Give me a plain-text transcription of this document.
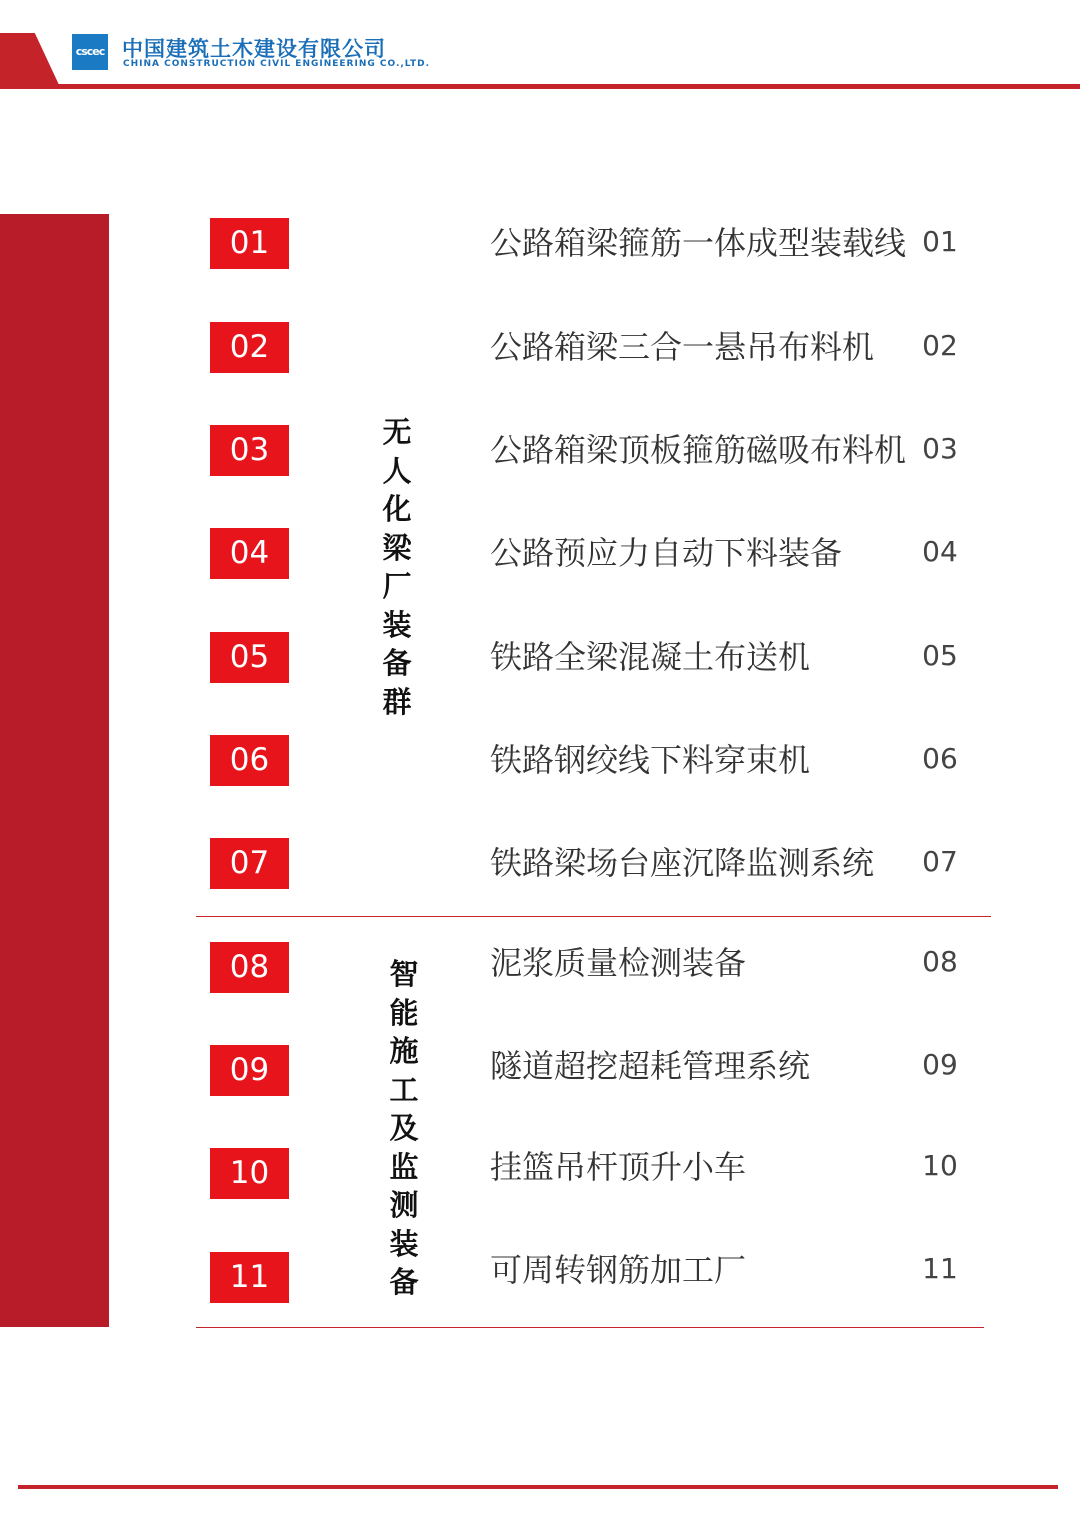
cscec 中国建筑土木建设有限公司
CHINA CONSTRUCTION CIVIL ENGINEERING CO.,LTD.
无人化梁厂装备群
01	公路箱梁箍筋一体成型装载线 01
02	公路箱梁三合一悬吊布料机	02
03	公路箱梁顶板箍筋磁吸布料机 03
04	公路预应力自动下料装备	04
05	铁路全梁混凝土布送机	05
06	铁路钢绞线下料穿束机	06
07	铁路梁场台座沉降监测系统	07
智能施工及监测装备
08	泥浆质量检测装备	08
09	隧道超挖超耗管理系统	09
10	挂篮吊杆顶升小车	10
11	可周转钢筋加工厂	11
